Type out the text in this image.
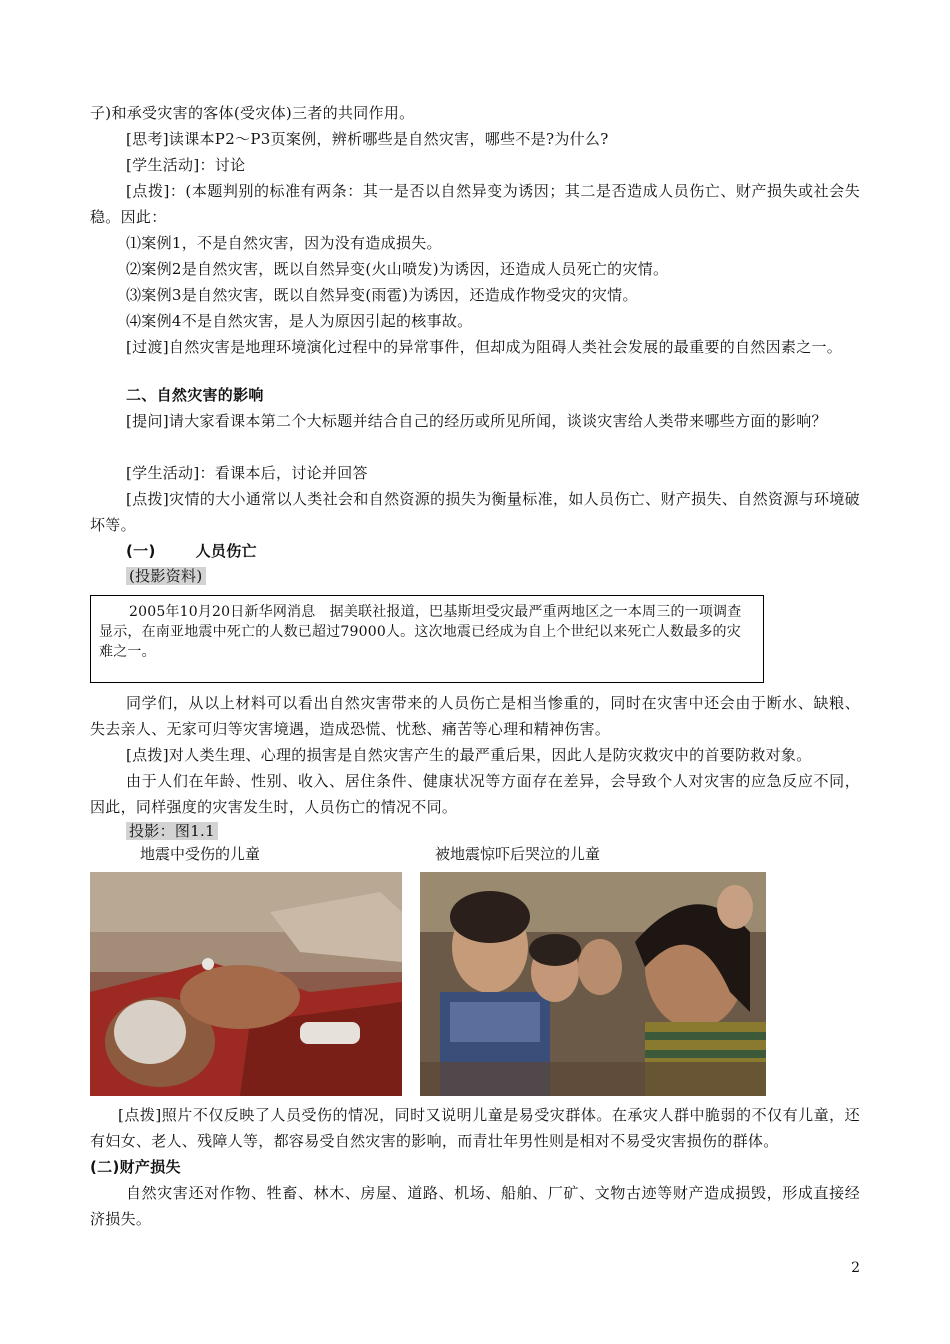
子)和承受灾害的客体(受灾体)三者的共同作用。
[思考]读课本P2～P3页案例，辨析哪些是自然灾害，哪些不是?为什么?
[学生活动]：讨论
[点拨]：(本题判别的标准有两条：其一是否以自然异变为诱因；其二是否造成人员伤亡、财产损失或社会失稳。因此：
⑴案例1，不是自然灾害，因为没有造成损失。
⑵案例2是自然灾害，既以自然异变(火山喷发)为诱因，还造成人员死亡的灾情。
⑶案例3是自然灾害，既以自然异变(雨雹)为诱因，还造成作物受灾的灾情。
⑷案例4不是自然灾害，是人为原因引起的核事故。
[过渡]自然灾害是地理环境演化过程中的异常事件，但却成为阻碍人类社会发展的最重要的自然因素之一。
二、自然灾害的影响
[提问]请大家看课本第二个大标题并结合自己的经历或所见所闻，谈谈灾害给人类带来哪些方面的影响？
[学生活动]：看课本后，讨论并回答
[点拨]灾情的大小通常以人类社会和自然资源的损失为衡量标准，如人员伤亡、财产损失、自然资源与环境破坏等。
(一)	人员伤亡
(投影资料)
2005年10月20日新华网消息　据美联社报道，巴基斯坦受灾最严重两地区之一本周三的一项调查显示，在南亚地震中死亡的人数已超过79000人。这次地震已经成为自上个世纪以来死亡人数最多的灾难之一。
同学们，从以上材料可以看出自然灾害带来的人员伤亡是相当惨重的，同时在灾害中还会由于断水、缺粮、失去亲人、无家可归等灾害境遇，造成恐慌、忧愁、痛苦等心理和精神伤害。
[点拨]对人类生理、心理的损害是自然灾害产生的最严重后果，因此人是防灾救灾中的首要防救对象。
由于人们在年龄、性别、收入、居住条件、健康状况等方面存在差异，会导致个人对灾害的应急反应不同，因此，同样强度的灾害发生时，人员伤亡的情况不同。
投影：图1.1
地震中受伤的儿童	被地震惊吓后哭泣的儿童
[点拨]照片不仅反映了人员受伤的情况，同时又说明儿童是易受灾群体。在承灾人群中脆弱的不仅有儿童，还有妇女、老人、残障人等，都容易受自然灾害的影响，而青壮年男性则是相对不易受灾害损伤的群体。
(二)财产损失
自然灾害还对作物、牲畜、林木、房屋、道路、机场、船舶、厂矿、文物古迹等财产造成损毁，形成直接经济损失。
2
